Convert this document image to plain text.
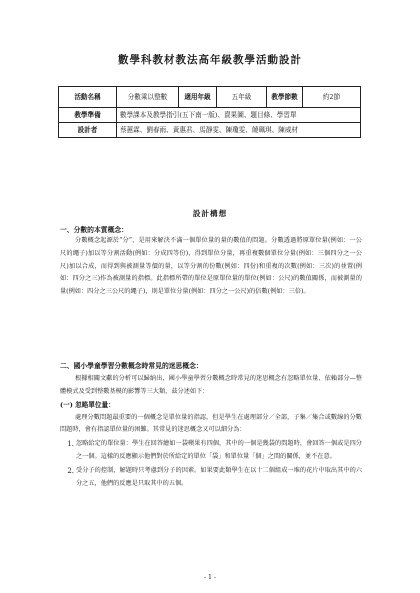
數學科教材教法高年級教學活動設計
活動名稱	分數乘以整數	適用年級	五年級	教學節數	約2節
教學準備	數學課本及教學指引(五下南一版)、賣果圖、題目條、學習單				
設計者	蔡蕙霖、劉春雨、黃惠君、馬靜雯、陳瓊雯、饒珮琪、陳威材				
設計構想
一、分數的本質概念：

分數概念起源於“分”，是用來解決不滿一個單位量的量的數值的問題。分數透過將原單位量(例如：一公尺的繩子)加以等分割活動(例如：分成四等份)，得到單位分量，再重複數個單位分量(例如：三個四分之一公尺)加以合成，而得到與被測量等價的量，以等分割的份數(例如：四份)和重複的次數(例如：三次)的並置(例如：四分之三)作為被測量的指標。此指標所帶的單位是原單位量的單位(例如：公尺)的數值關係，而被測量的量(例如：四分之三公尺的繩子)，則是單位分量(例如：四分之一公尺)的倍數(例如：三倍)。

二、國小學童學習分數概念時常見的迷思概念：

根據相關文獻的分析可以歸納出，國小學童學習分數概念時常見的迷思概念有忽略單位量、依賴部分—整體模式及受到整數基模的影響等三大類，茲分述如下：

(一) 忽略單位量：

處理分數問題最重要的一個概念是單位量的指認，但是學生在處理部分／全部，子集／集合或數線的分數問題時，會有指認單位量的困難。其常見的迷思概念又可以細分為：

1. 忽略給定的單位量：學生在回答繪如一袋蘋果有四個，其中的一個是幾袋的問題時，會回答一個或是四分之一個。這樣的反應顯示他們對於所給定的單位「袋」和單位量「個」之間的關係，並不在意。
2. 受分子的控制，解題時只考慮到分子的因素。如果要此類學生在以十二個組成一堆的花片中取出其中的六分之五，他們的反應是只取其中的五個。
- 1 -
